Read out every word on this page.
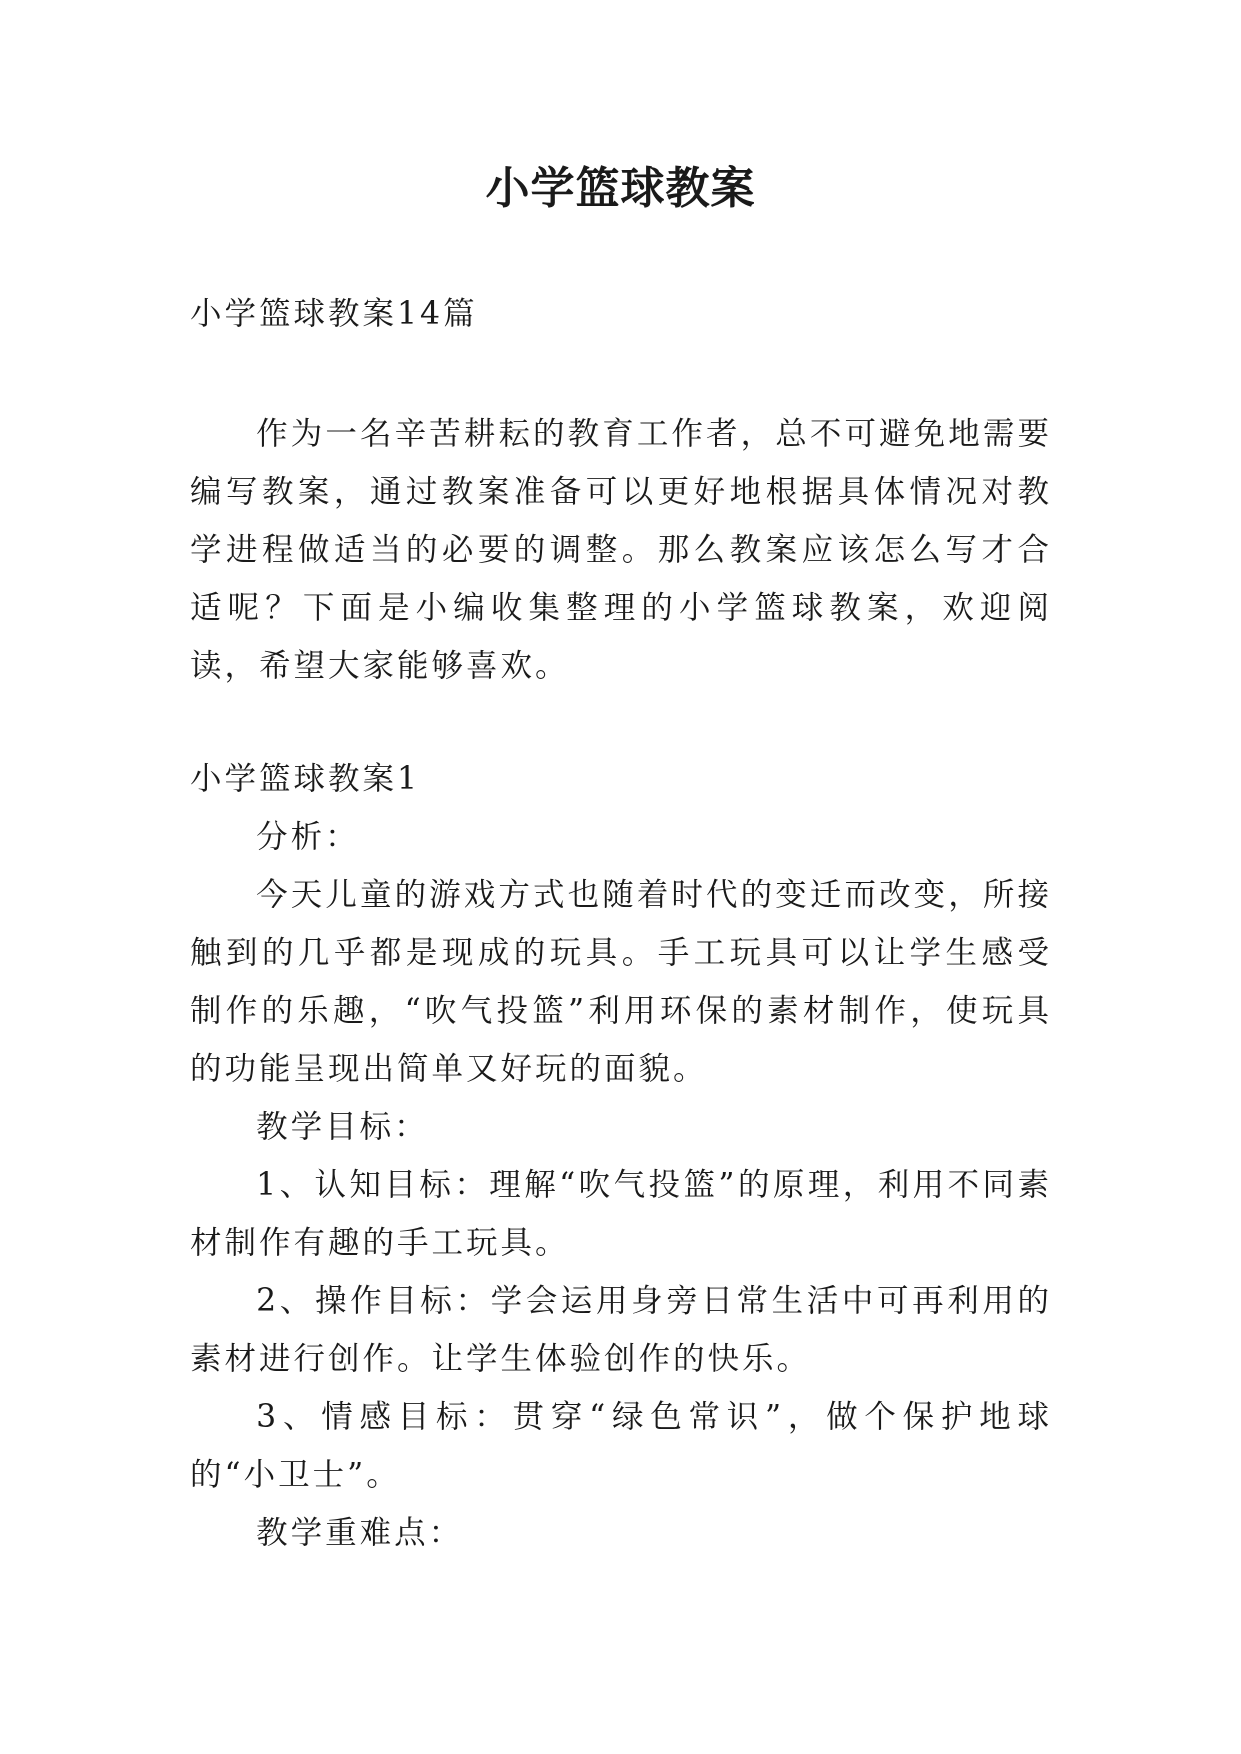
小学篮球教案

小学篮球教案14篇

作为一名辛苦耕耘的教育工作者，总不可避免地需要编写教案，通过教案准备可以更好地根据具体情况对教学进程做适当的必要的调整。那么教案应该怎么写才合适呢？下面是小编收集整理的小学篮球教案，欢迎阅读，希望大家能够喜欢。

小学篮球教案1

分析：

今天儿童的游戏方式也随着时代的变迁而改变，所接触到的几乎都是现成的玩具。手工玩具可以让学生感受制作的乐趣，“吹气投篮”利用环保的素材制作，使玩具的功能呈现出简单又好玩的面貌。

教学目标：

1、认知目标：理解“吹气投篮”的原理，利用不同素材制作有趣的手工玩具。

2、操作目标：学会运用身旁日常生活中可再利用的素材进行创作。让学生体验创作的快乐。

3、情感目标：贯穿“绿色常识”，做个保护地球的“小卫士”。

教学重难点：
